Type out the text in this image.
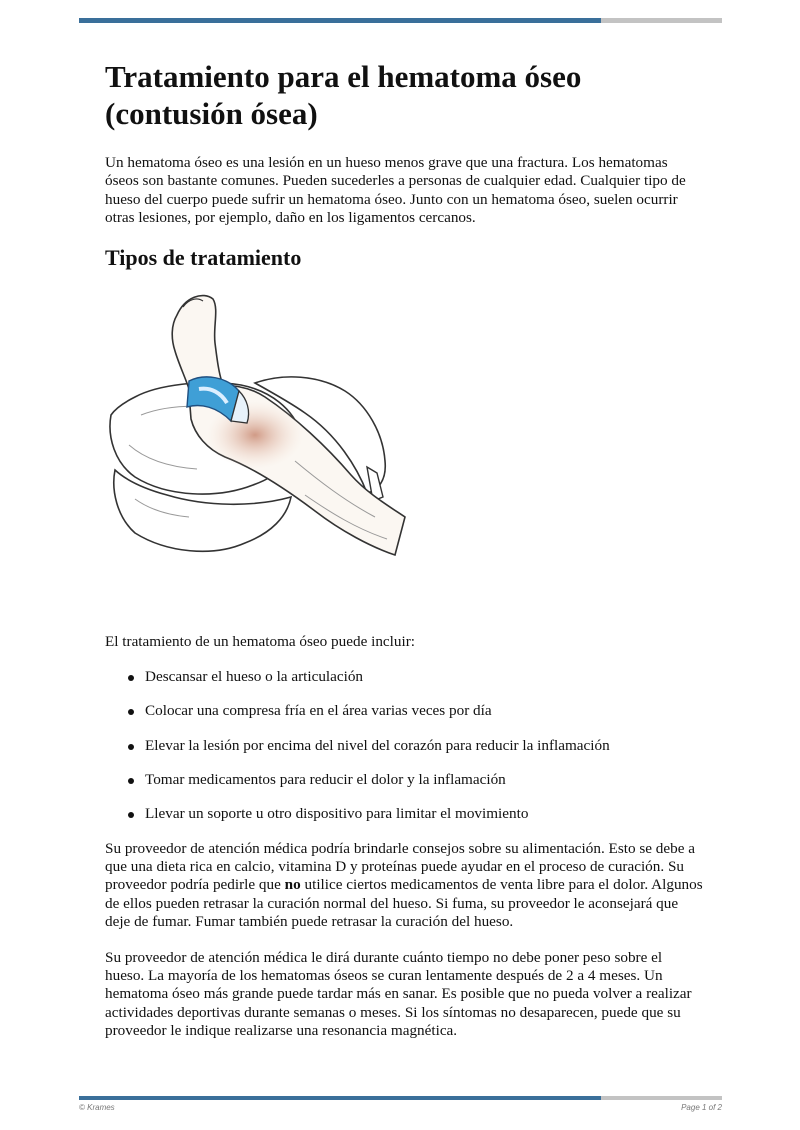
Tratamiento para el hematoma óseo (contusión ósea)

Un hematoma óseo es una lesión en un hueso menos grave que una fractura. Los hematomas óseos son bastante comunes. Pueden sucederles a personas de cualquier edad. Cualquier tipo de hueso del cuerpo puede sufrir un hematoma óseo. Junto con un hematoma óseo, suelen ocurrir otras lesiones, por ejemplo, daño en los ligamentos cercanos.

Tipos de tratamiento

El tratamiento de un hematoma óseo puede incluir:

Descansar el hueso o la articulación
Colocar una compresa fría en el área varias veces por día
Elevar la lesión por encima del nivel del corazón para reducir la inflamación
Tomar medicamentos para reducir el dolor y la inflamación
Llevar un soporte u otro dispositivo para limitar el movimiento

Su proveedor de atención médica podría brindarle consejos sobre su alimentación. Esto se debe a que una dieta rica en calcio, vitamina D y proteínas puede ayudar en el proceso de curación. Su proveedor podría pedirle que no utilice ciertos medicamentos de venta libre para el dolor. Algunos de ellos pueden retrasar la curación normal del hueso. Si fuma, su proveedor le aconsejará que deje de fumar. Fumar también puede retrasar la curación del hueso.

Su proveedor de atención médica le dirá durante cuánto tiempo no debe poner peso sobre el hueso. La mayoría de los hematomas óseos se curan lentamente después de 2 a 4 meses. Un hematoma óseo más grande puede tardar más en sanar. Es posible que no pueda volver a realizar actividades deportivas durante semanas o meses. Si los síntomas no desaparecen, puede que su proveedor le indique realizarse una resonancia magnética.

© Krames	Page 1 of 2
